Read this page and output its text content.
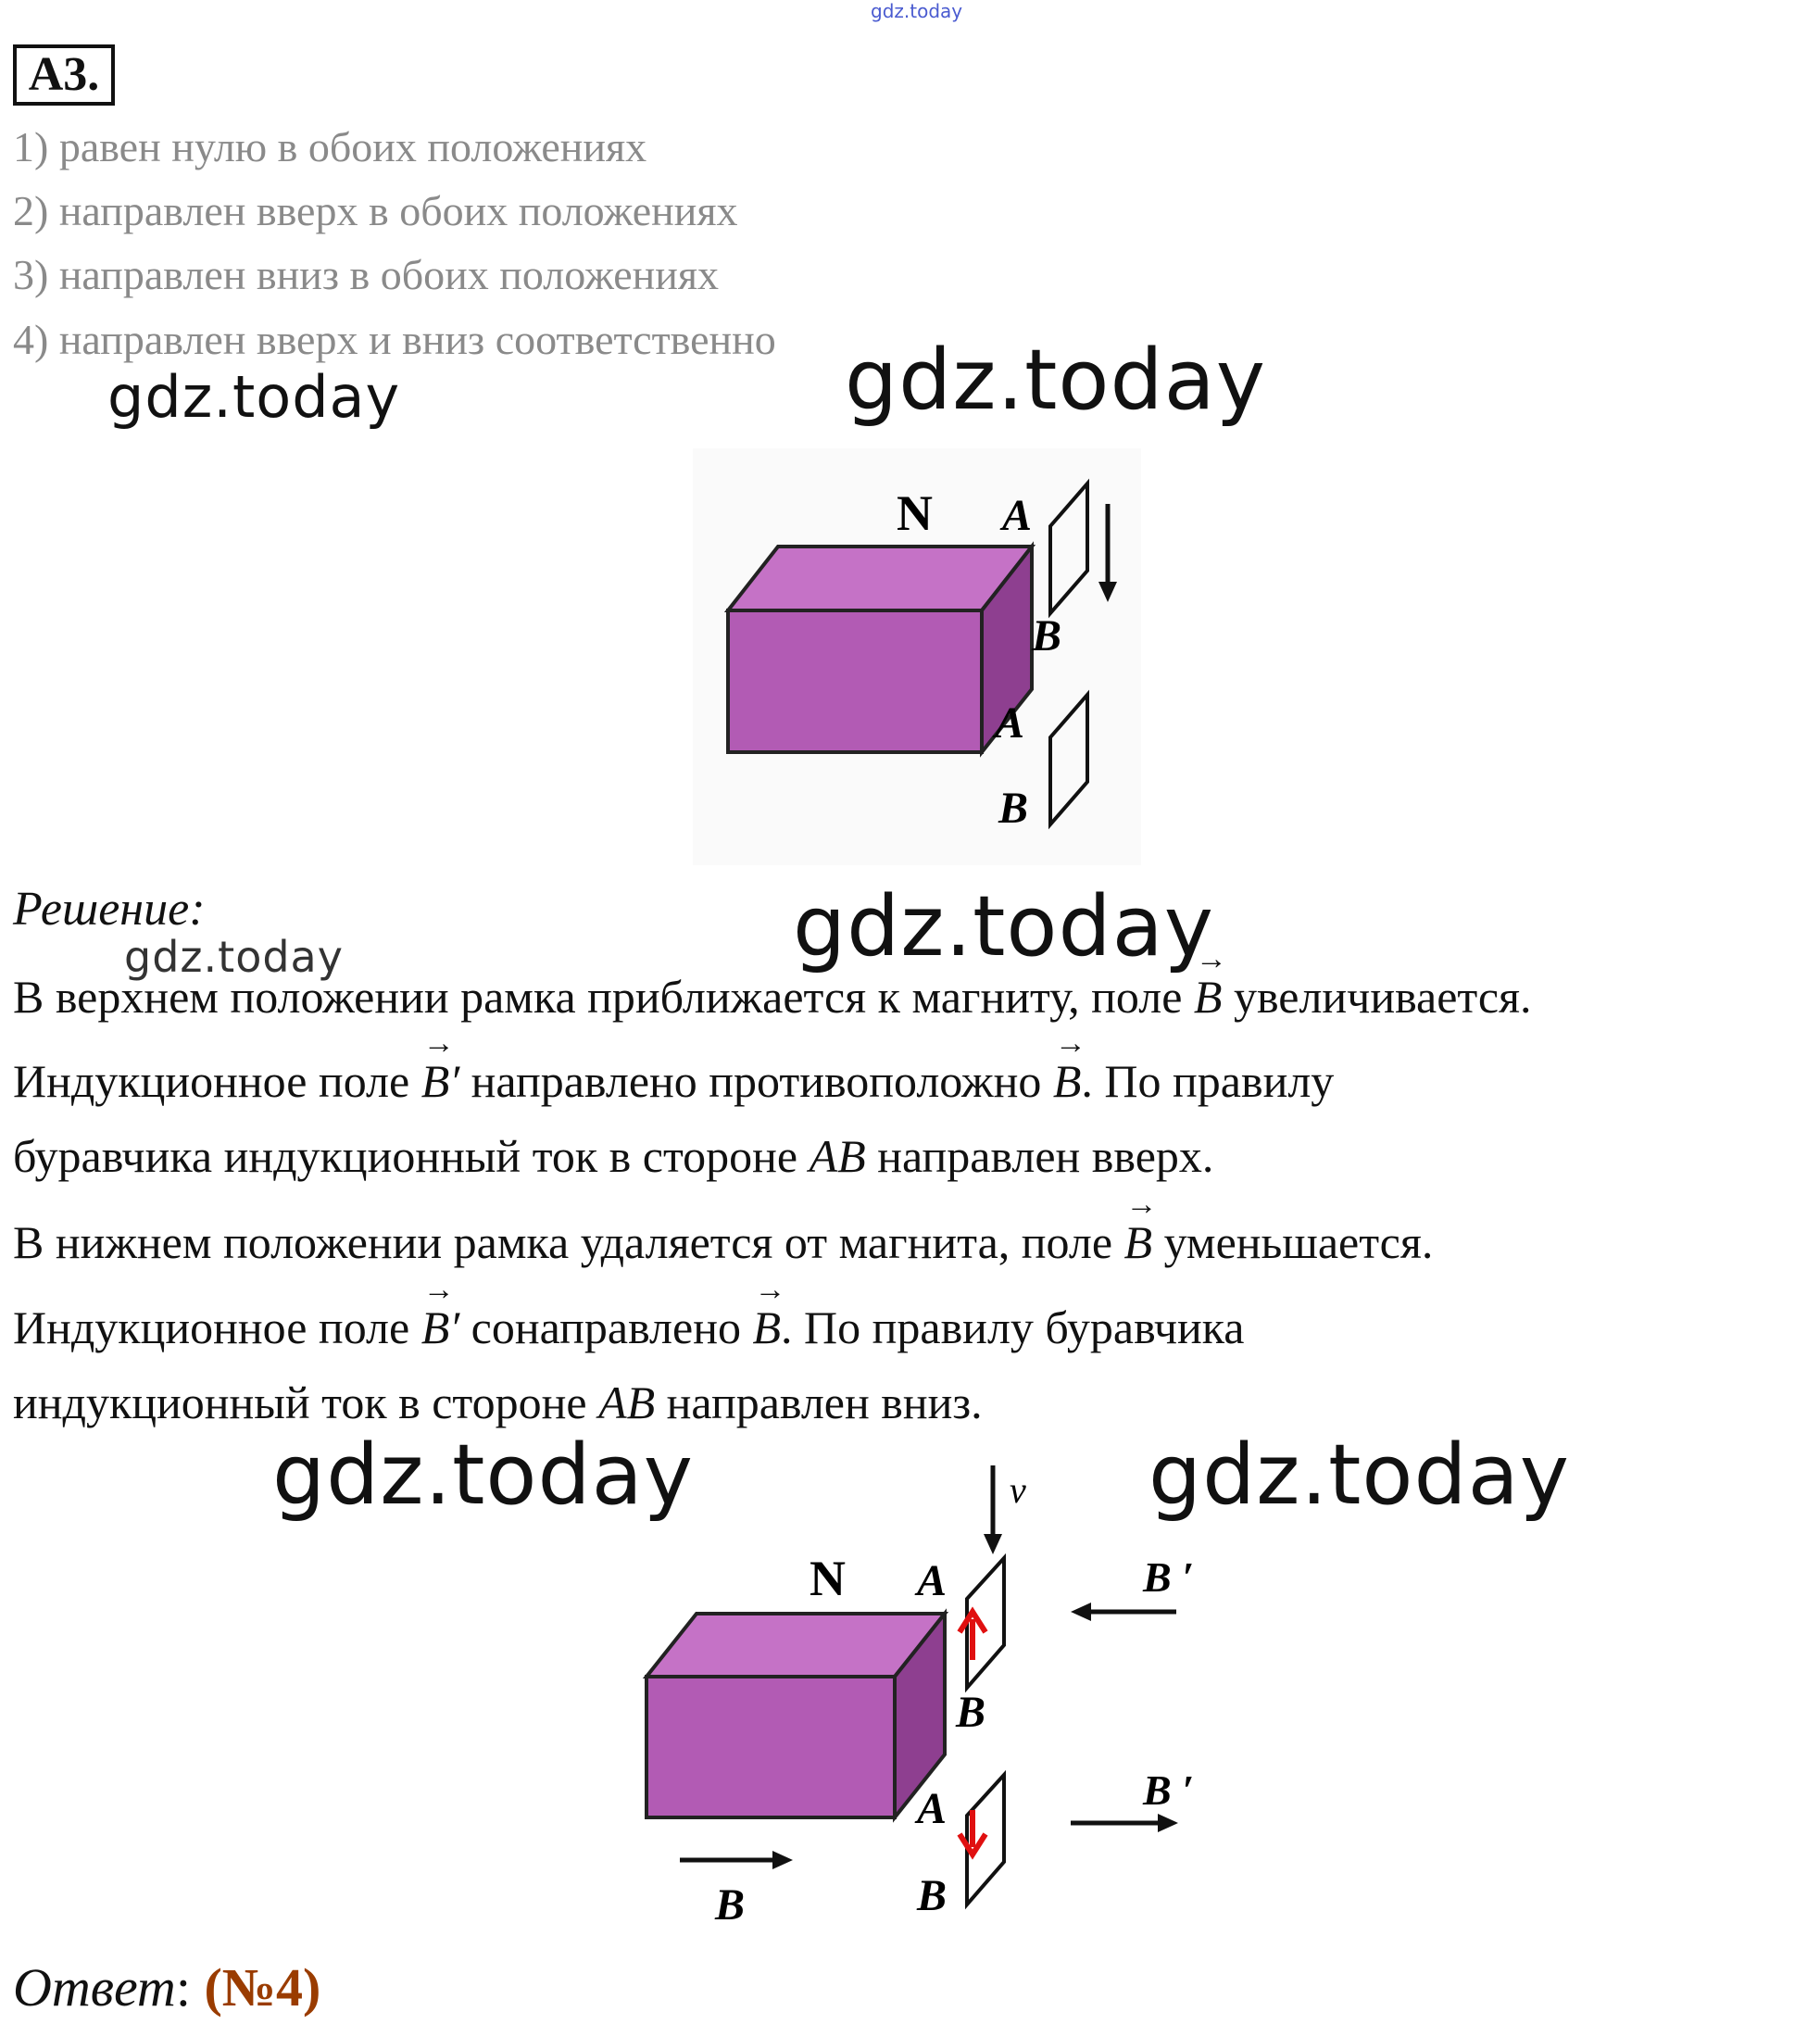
gdz.today
A3.
1) равен нулю в обоих положениях
2) направлен вверх в обоих положениях
3) направлен вниз в обоих положениях
4) направлен вверх и вниз соответственно
gdz.today	gdz.today
N A
B
A
B
Решение:
gdz.today	gdz.today
В верхнем положении рамка приближается к магниту, поле → B увеличивается.
Индукционное поле → B′ направлено противоположно → B. По правилу
буравчика индукционный ток в стороне AB направлен вверх.
В нижнем положении рамка удаляется от магнита, поле → B уменьшается.
Индукционное поле → B′ сонаправлено → B. По правилу буравчика
индукционный ток в стороне AB направлен вниз.
gdz.today	gdz.today
v
N A
B
B ′
A
B
B ′
B
Ответ: (№4)
